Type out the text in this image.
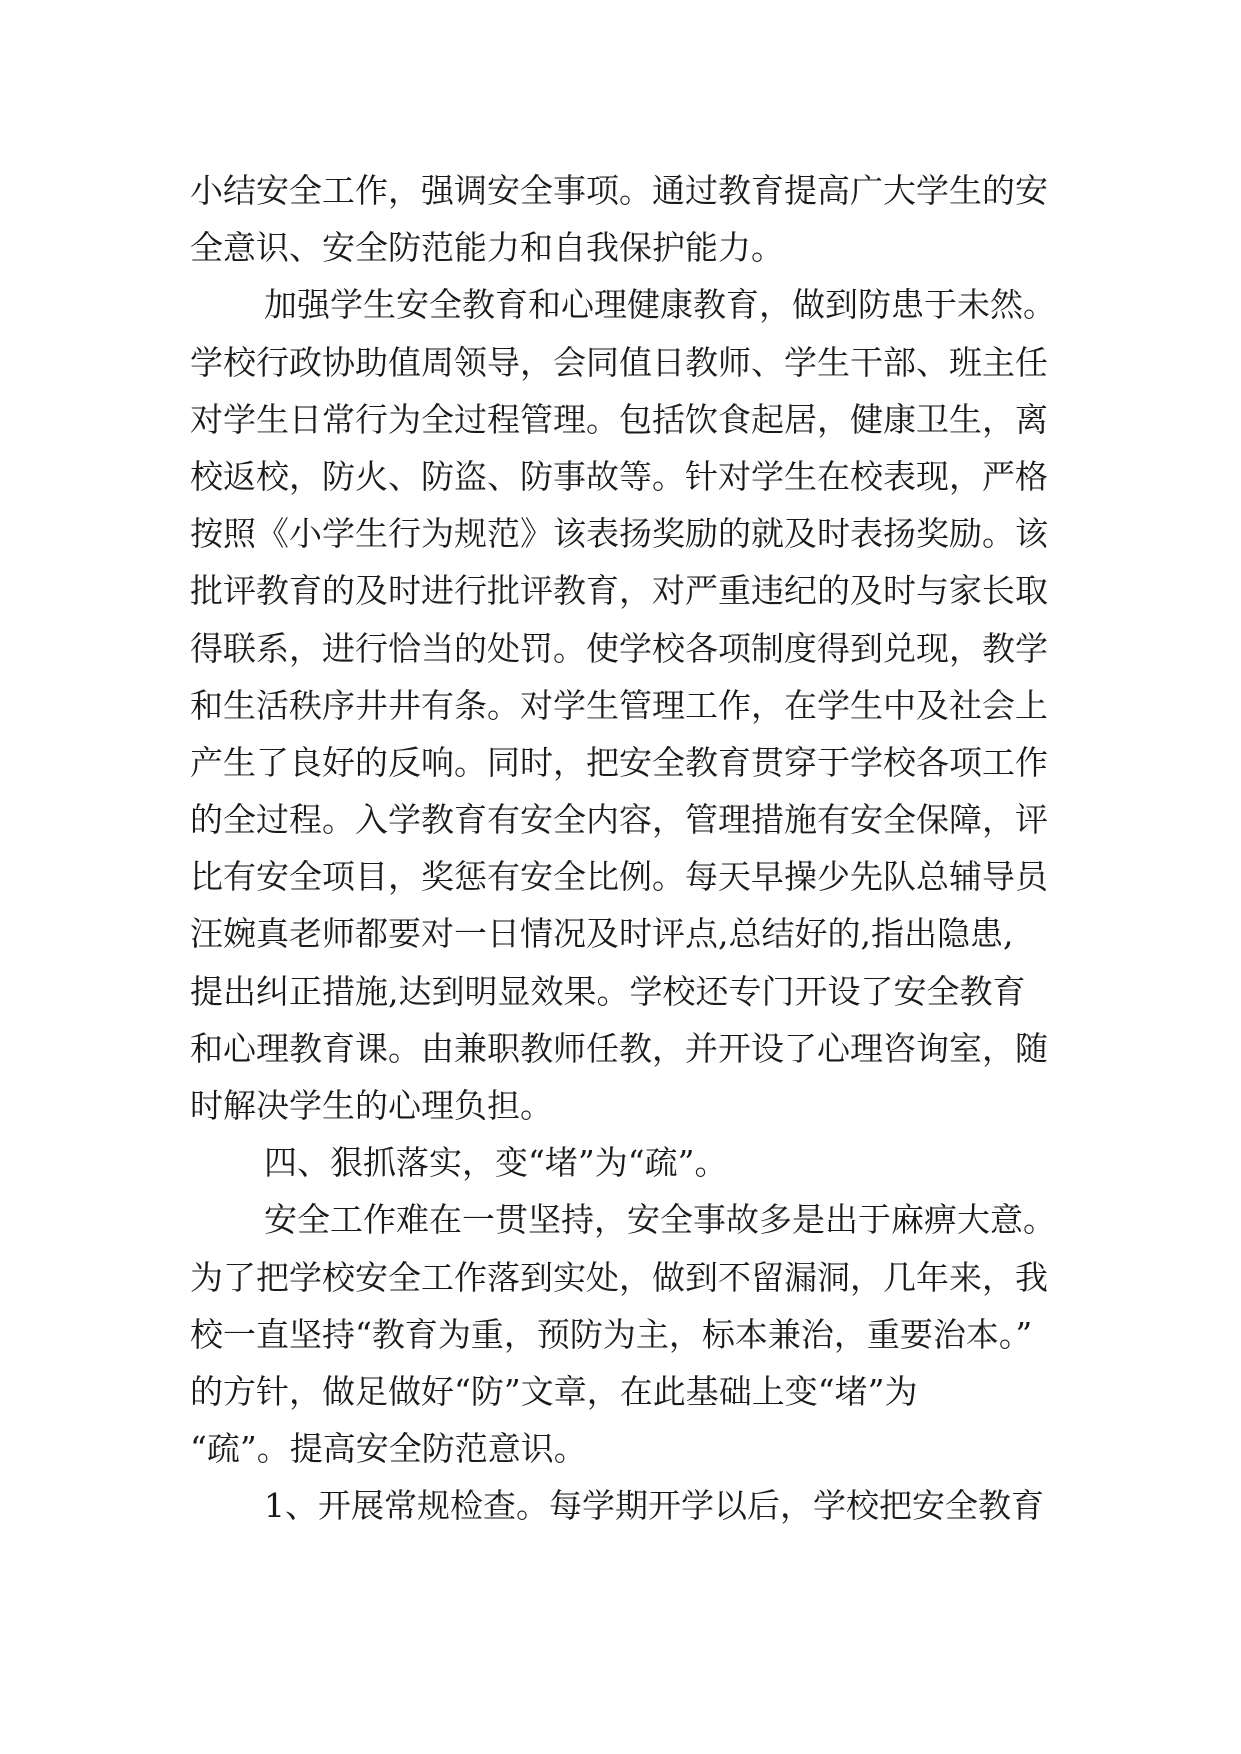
小结安全工作，强调安全事项。通过教育提高广大学生的安
全意识、安全防范能力和自我保护能力。
加强学生安全教育和心理健康教育，做到防患于未然。
学校行政协助值周领导，会同值日教师、学生干部、班主任
对学生日常行为全过程管理。包括饮食起居，健康卫生，离
校返校，防火、防盗、防事故等。针对学生在校表现，严格
按照《小学生行为规范》该表扬奖励的就及时表扬奖励。该
批评教育的及时进行批评教育，对严重违纪的及时与家长取
得联系，进行恰当的处罚。使学校各项制度得到兑现，教学
和生活秩序井井有条。对学生管理工作，在学生中及社会上
产生了良好的反响。同时，把安全教育贯穿于学校各项工作
的全过程。入学教育有安全内容，管理措施有安全保障，评
比有安全项目，奖惩有安全比例。每天早操少先队总辅导员
汪婉真老师都要对一日情况及时评点,总结好的,指出隐患,
提出纠正措施,达到明显效果。学校还专门开设了安全教育
和心理教育课。由兼职教师任教，并开设了心理咨询室，随
时解决学生的心理负担。
四、狠抓落实，变“堵”为“疏”。
安全工作难在一贯坚持，安全事故多是出于麻痹大意。
为了把学校安全工作落到实处，做到不留漏洞，几年来，我
校一直坚持“教育为重，预防为主，标本兼治，重要治本。”
的方针，做足做好“防”文章，在此基础上变“堵”为
“疏”。提高安全防范意识。
1、开展常规检查。每学期开学以后，学校把安全教育
